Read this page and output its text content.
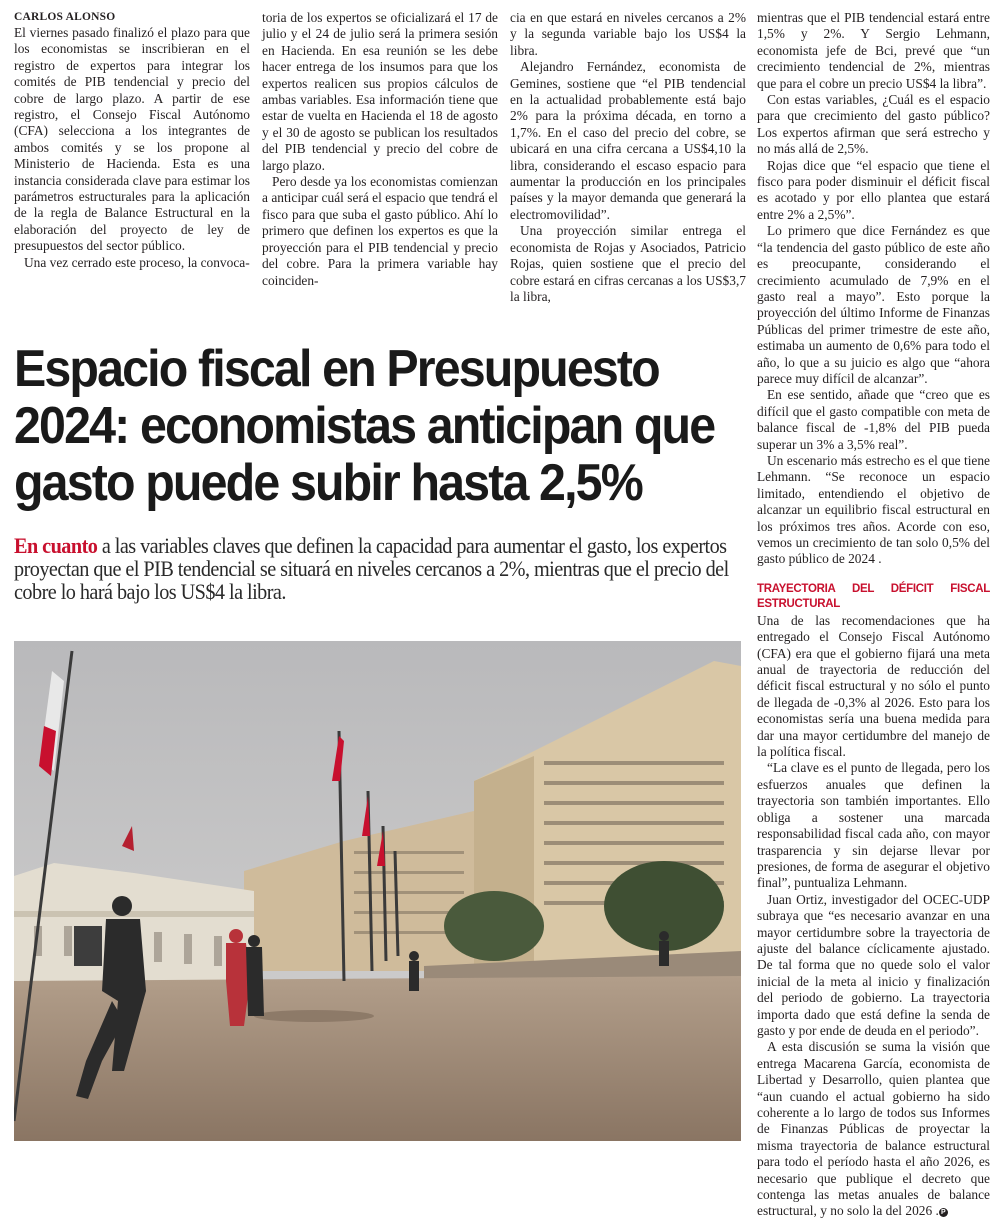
CARLOS ALONSO

El viernes pasado finalizó el plazo para que los economistas se inscribieran en el registro de expertos para integrar los comités de PIB tendencial y precio del cobre de largo plazo. A partir de ese registro, el Consejo Fiscal Autónomo (CFA) selecciona a los integrantes de ambos comités y se los propone al Ministerio de Hacienda. Esta es una instancia considerada clave para estimar los parámetros estructurales para la aplicación de la regla de Balance Estructural en la elaboración del proyecto de ley de presupuestos del sector público.

Una vez cerrado este proceso, la convoca-

toria de los expertos se oficializará el 17 de julio y el 24 de julio será la primera sesión en Hacienda. En esa reunión se les debe hacer entrega de los insumos para que los expertos realicen sus propios cálculos de ambas variables. Esa información tiene que estar de vuelta en Hacienda el 18 de agosto y el 30 de agosto se publican los resultados del PIB tendencial y precio del cobre de largo plazo.

Pero desde ya los economistas comienzan a anticipar cuál será el espacio que tendrá el fisco para que suba el gasto público. Ahí lo primero que definen los expertos es que la proyección para el PIB tendencial y precio del cobre. Para la primera variable hay coinciden-

cia en que estará en niveles cercanos a 2% y la segunda variable bajo los US$4 la libra.

Alejandro Fernández, economista de Gemines, sostiene que “el PIB tendencial en la actualidad probablemente está bajo 2% para la próxima década, en torno a 1,7%. En el caso del precio del cobre, se ubicará en una cifra cercana a US$4,10 la libra, considerando el escaso espacio para aumentar la producción en los principales países y la mayor demanda que generará la electromovilidad”.

Una proyección similar entrega el economista de Rojas y Asociados, Patricio Rojas, quien sostiene que el precio del cobre estará en cifras cercanas a los US$3,7 la libra,

Espacio fiscal en Presupuesto 2024: economistas anticipan que gasto puede subir hasta 2,5%

En cuanto a las variables claves que definen la capacidad para aumentar el gasto, los expertos proyectan que el PIB tendencial se situará en niveles cercanos a 2%, mientras que el precio del cobre lo hará bajo los US$4 la libra.

mientras que el PIB tendencial estará entre 1,5% y 2%. Y Sergio Lehmann, economista jefe de Bci, prevé que “un crecimiento tendencial de 2%, mientras que para el cobre un precio US$4 la libra”.

Con estas variables, ¿Cuál es el espacio para que crecimiento del gasto público? Los expertos afirman que será estrecho y no más allá de 2,5%.

Rojas dice que “el espacio que tiene el fisco para poder disminuir el déficit fiscal es acotado y por ello plantea que estará entre 2% a 2,5%”.

Lo primero que dice Fernández es que “la tendencia del gasto público de este año es preocupante, considerando el crecimiento acumulado de 7,9% en el gasto real a mayo”. Esto porque la proyección del último Informe de Finanzas Públicas del primer trimestre de este año, estimaba un aumento de 0,6% para todo el año, lo que a su juicio es algo que “ahora parece muy difícil de alcanzar”.

En ese sentido, añade que “creo que es difícil que el gasto compatible con meta de balance fiscal de -1,8% del PIB pueda superar un 3% a 3,5% real”.

Un escenario más estrecho es el que tiene Lehmann. “Se reconoce un espacio limitado, entendiendo el objetivo de alcanzar un equilibrio fiscal estructural en los próximos tres años. Acorde con eso, vemos un crecimiento de tan solo 0,5% del gasto público de 2024 .

TRAYECTORIA DEL DÉFICIT FISCAL ESTRUCTURAL

Una de las recomendaciones que ha entregado el Consejo Fiscal Autónomo (CFA) era que el gobierno fijará una meta anual de trayectoria de reducción del déficit fiscal estructural y no sólo el punto de llegada de -0,3% al 2026. Esto para los economistas sería una buena medida para dar una mayor certidumbre del manejo de la política fiscal.

“La clave es el punto de llegada, pero los esfuerzos anuales que definen la trayectoria son también importantes. Ello obliga a sostener una marcada responsabilidad fiscal cada año, con mayor trasparencia y sin dejarse llevar por presiones, de forma de asegurar el objetivo final”, puntualiza Lehmann.

Juan Ortiz, investigador del OCEC-UDP subraya que “es necesario avanzar en una mayor certidumbre sobre la trayectoria de ajuste del balance cíclicamente ajustado. De tal forma que no quede solo el valor inicial de la meta al inicio y finalización del periodo de gobierno. La trayectoria importa dado que está define la senda de gasto y por ende de deuda en el periodo”.

A esta discusión se suma la visión que entrega Macarena García, economista de Libertad y Desarrollo, quien plantea que “aun cuando el actual gobierno ha sido coherente a lo largo de todos sus Informes de Finanzas Públicas de proyectar la misma trayectoria de balance estructural para todo el período hasta el año 2026, es necesario que publique el decreto que contenga las metas anuales de balance estructural, y no solo la del 2026 . P
